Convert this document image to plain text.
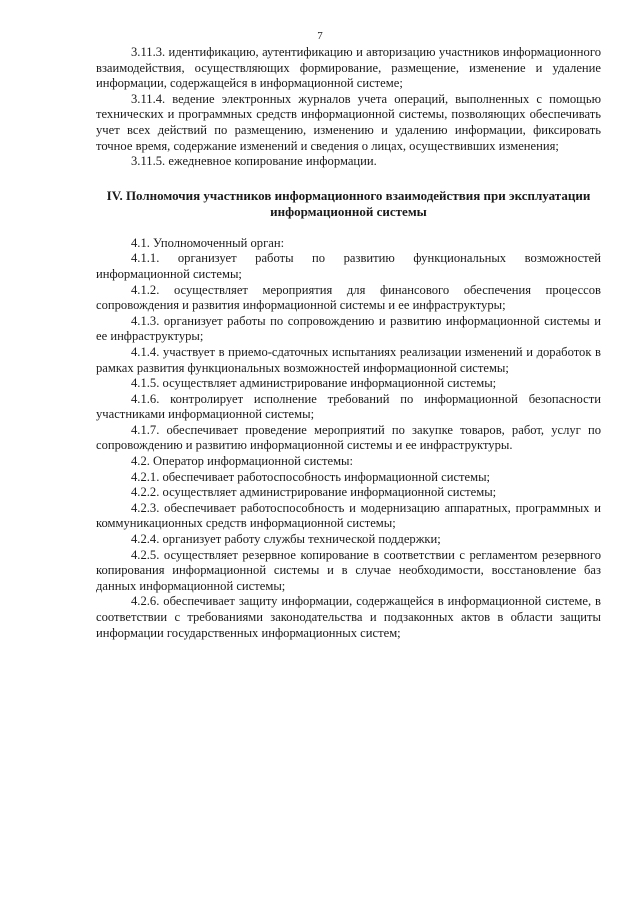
7

3.11.3. идентификацию, аутентификацию и авторизацию участников информационного взаимодействия, осуществляющих формирование, размещение, изменение и удаление информации, содержащейся в информационной системе;

3.11.4. ведение электронных журналов учета операций, выполненных с помощью технических и программных средств информационной системы, позволяющих обеспечивать учет всех действий по размещению, изменению и удалению информации, фиксировать точное время, содержание изменений и сведения о лицах, осуществивших изменения;

3.11.5. ежедневное копирование информации.

IV. Полномочия участников информационного взаимодействия при эксплуатации информационной системы

4.1. Уполномоченный орган:

4.1.1. организует работы по развитию функциональных возможностей информационной системы;

4.1.2. осуществляет мероприятия для финансового обеспечения процессов сопровождения и развития информационной системы и ее инфраструктуры;

4.1.3. организует работы по сопровождению и развитию информационной системы и ее инфраструктуры;

4.1.4. участвует в приемо-сдаточных испытаниях реализации изменений и доработок в рамках развития функциональных возможностей информационной системы;

4.1.5. осуществляет администрирование информационной системы;

4.1.6. контролирует исполнение требований по информационной безопасности участниками информационной системы;

4.1.7. обеспечивает проведение мероприятий по закупке товаров, работ, услуг по сопровождению и развитию информационной системы и ее инфраструктуры.

4.2. Оператор информационной системы:

4.2.1. обеспечивает работоспособность информационной системы;

4.2.2. осуществляет администрирование информационной системы;

4.2.3. обеспечивает работоспособность и модернизацию аппаратных, программных и коммуникационных средств информационной системы;

4.2.4. организует работу службы технической поддержки;

4.2.5. осуществляет резервное копирование в соответствии с регламентом резервного копирования информационной системы и в случае необходимости, восстановление баз данных информационной системы;

4.2.6. обеспечивает защиту информации, содержащейся в информационной системе, в соответствии с требованиями законодательства и подзаконных актов в области защиты информации государственных информационных систем;
